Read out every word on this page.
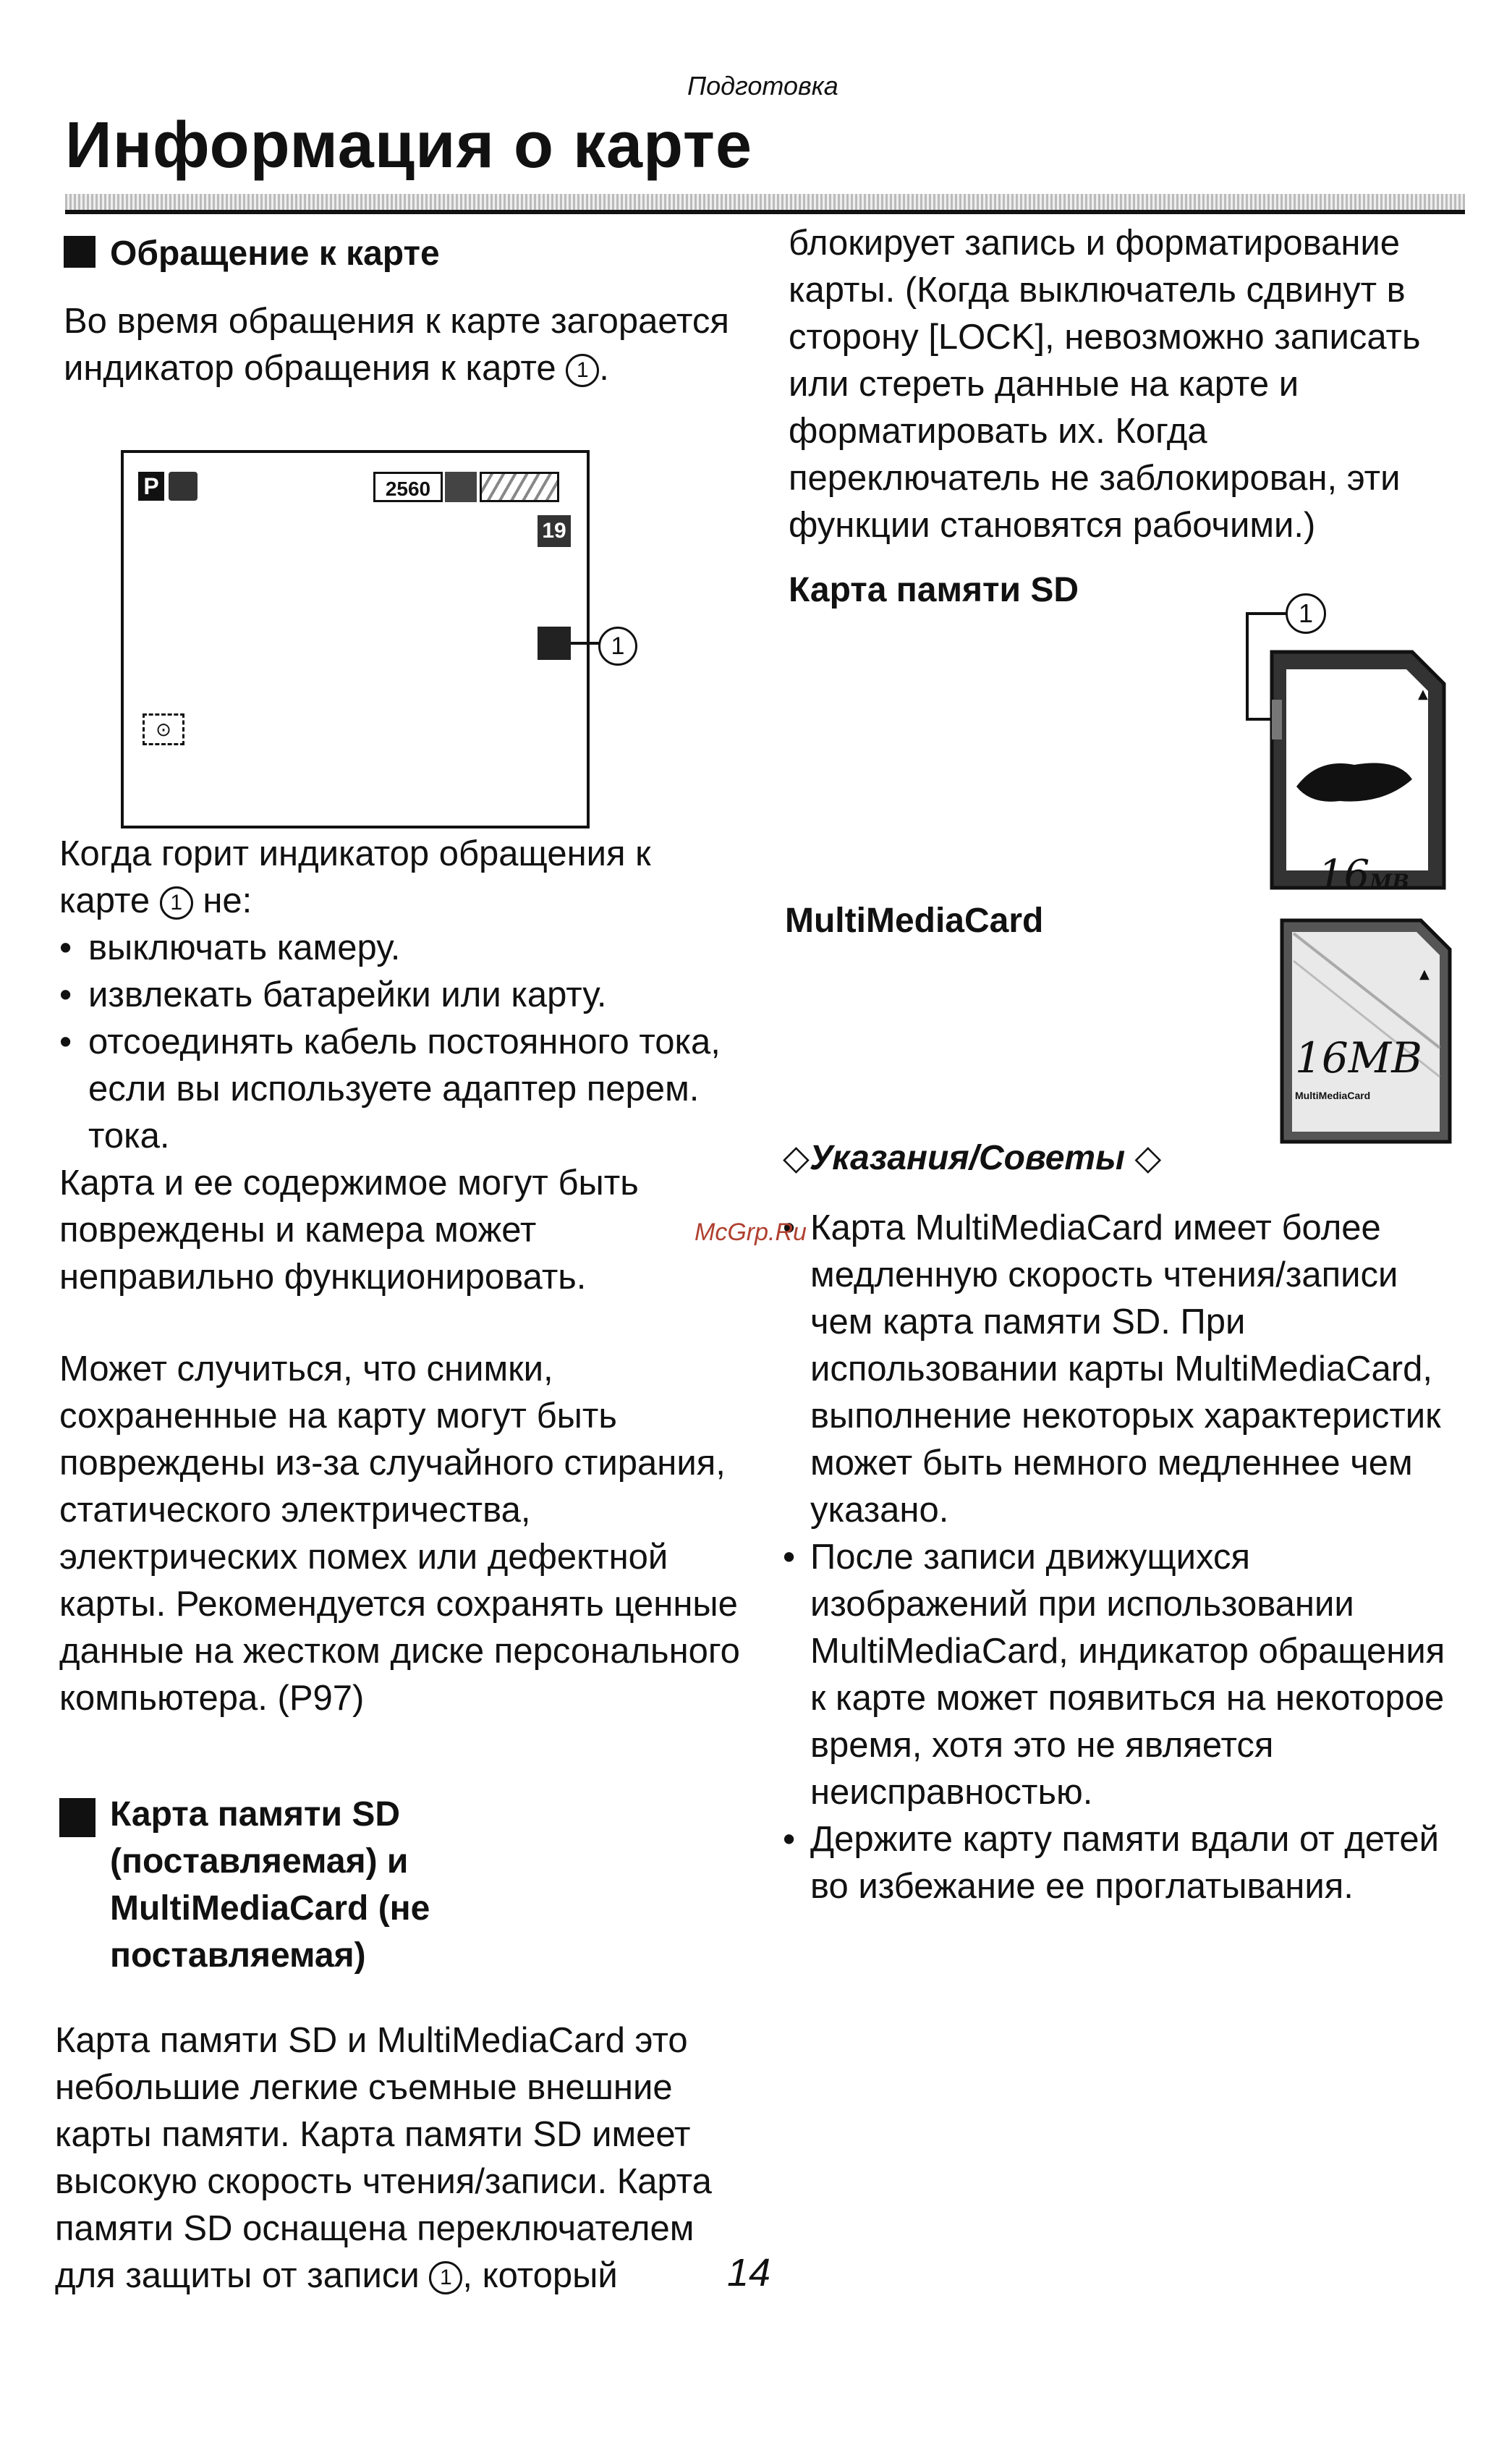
Подготовка
Информация о карте
Обращение к карте
Во время обращения к карте загорается индикатор обращения к карте 1 .
P	2560
19
1
⊙
Когда горит индикатор обращения к карте 1 не:
• выключать камеру.
• извлекать батарейки или карту.
• отсоединять кабель постоянного тока, если вы используете адаптер перем. тока.
Карта и ее содержимое могут быть повреждены и камера может неправильно функционировать.
Может случиться, что снимки, сохраненные на карту могут быть повреждены из-за случайного стирания, статического электричества, электрических помех или дефектной карты. Рекомендуется сохранять ценные данные на жестком диске персонального компьютера. (P97)
Карта памяти SD (поставляемая) и MultiMediaCard (не поставляемая)
Карта памяти SD и MultiMediaCard это небольшие легкие съемные внешние карты памяти. Карта памяти SD имеет высокую скорость чтения/записи. Карта памяти SD оснащена переключателем для защиты от записи 1 , который
блокирует запись и форматирование карты. (Когда выключатель сдвинут в сторону [LOCK], невозможно записать или стереть данные на карте и форматировать их. Когда переключатель не заблокирован, эти функции становятся рабочими.)
Карта памяти SD
1
▲
16MB
MultiMediaCard
▲
16MB
MultiMediaCard
◇Указания/Советы ◇
• Карта MultiMediaCard имеет более медленную скорость чтения/записи чем карта памяти SD. При использовании карты MultiMediaCard, выполнение некоторых характеристик может быть немного медленнее чем указано.
• После записи движущихся изображений при использовании MultiMediaCard, индикатор обращения к карте может появиться на некоторое время, хотя это не является неисправностью.
• Держите карту памяти вдали от детей во избежание ее проглатывания.
McGrp.Ru
14
